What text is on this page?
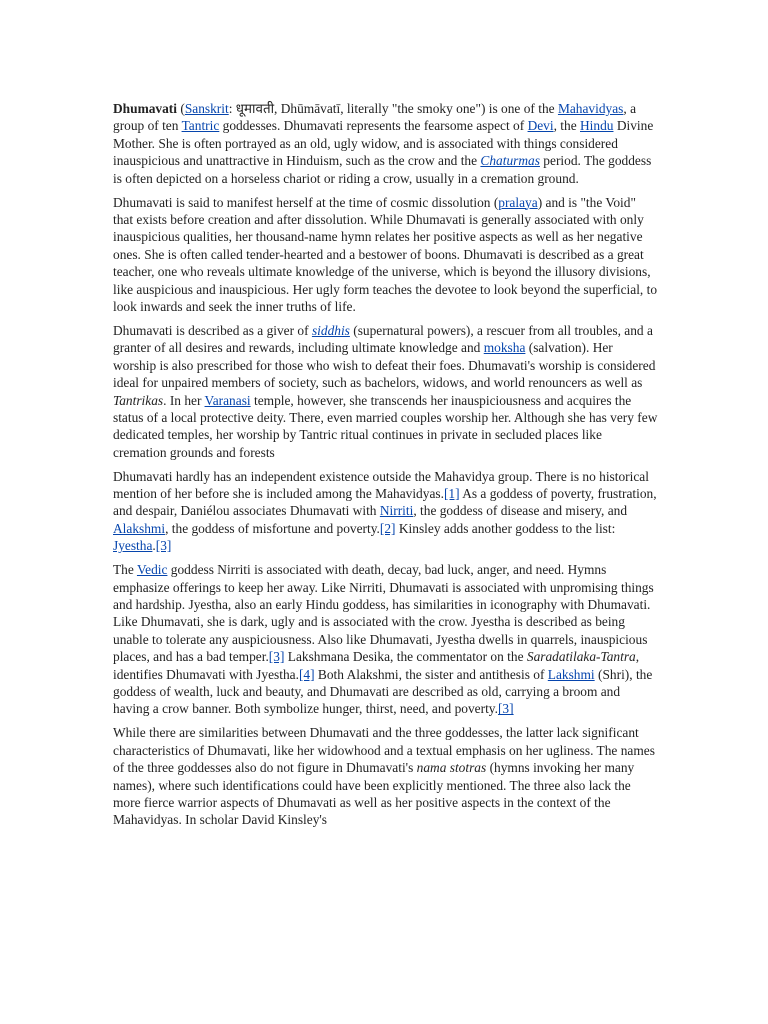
Dhumavati (Sanskrit: धूमावती, Dhūmāvatī, literally "the smoky one") is one of the Mahavidyas, a group of ten Tantric goddesses. Dhumavati represents the fearsome aspect of Devi, the Hindu Divine Mother. She is often portrayed as an old, ugly widow, and is associated with things considered inauspicious and unattractive in Hinduism, such as the crow and the Chaturmas period. The goddess is often depicted on a horseless chariot or riding a crow, usually in a cremation ground.

Dhumavati is said to manifest herself at the time of cosmic dissolution (pralaya) and is "the Void" that exists before creation and after dissolution. While Dhumavati is generally associated with only inauspicious qualities, her thousand-name hymn relates her positive aspects as well as her negative ones. She is often called tender-hearted and a bestower of boons. Dhumavati is described as a great teacher, one who reveals ultimate knowledge of the universe, which is beyond the illusory divisions, like auspicious and inauspicious. Her ugly form teaches the devotee to look beyond the superficial, to look inwards and seek the inner truths of life.

Dhumavati is described as a giver of siddhis (supernatural powers), a rescuer from all troubles, and a granter of all desires and rewards, including ultimate knowledge and moksha (salvation). Her worship is also prescribed for those who wish to defeat their foes. Dhumavati's worship is considered ideal for unpaired members of society, such as bachelors, widows, and world renouncers as well as Tantrikas. In her Varanasi temple, however, she transcends her inauspiciousness and acquires the status of a local protective deity. There, even married couples worship her. Although she has very few dedicated temples, her worship by Tantric ritual continues in private in secluded places like cremation grounds and forests

Dhumavati hardly has an independent existence outside the Mahavidya group. There is no historical mention of her before she is included among the Mahavidyas.[1] As a goddess of poverty, frustration, and despair, Daniélou associates Dhumavati with Nirriti, the goddess of disease and misery, and Alakshmi, the goddess of misfortune and poverty.[2] Kinsley adds another goddess to the list: Jyestha.[3]

The Vedic goddess Nirriti is associated with death, decay, bad luck, anger, and need. Hymns emphasize offerings to keep her away. Like Nirriti, Dhumavati is associated with unpromising things and hardship. Jyestha, also an early Hindu goddess, has similarities in iconography with Dhumavati. Like Dhumavati, she is dark, ugly and is associated with the crow. Jyestha is described as being unable to tolerate any auspiciousness. Also like Dhumavati, Jyestha dwells in quarrels, inauspicious places, and has a bad temper.[3] Lakshmana Desika, the commentator on the Saradatilaka-Tantra, identifies Dhumavati with Jyestha.[4] Both Alakshmi, the sister and antithesis of Lakshmi (Shri), the goddess of wealth, luck and beauty, and Dhumavati are described as old, carrying a broom and having a crow banner. Both symbolize hunger, thirst, need, and poverty.[3]

While there are similarities between Dhumavati and the three goddesses, the latter lack significant characteristics of Dhumavati, like her widowhood and a textual emphasis on her ugliness. The names of the three goddesses also do not figure in Dhumavati's nama stotras (hymns invoking her many names), where such identifications could have been explicitly mentioned. The three also lack the more fierce warrior aspects of Dhumavati as well as her positive aspects in the context of the Mahavidyas. In scholar David Kinsley's
